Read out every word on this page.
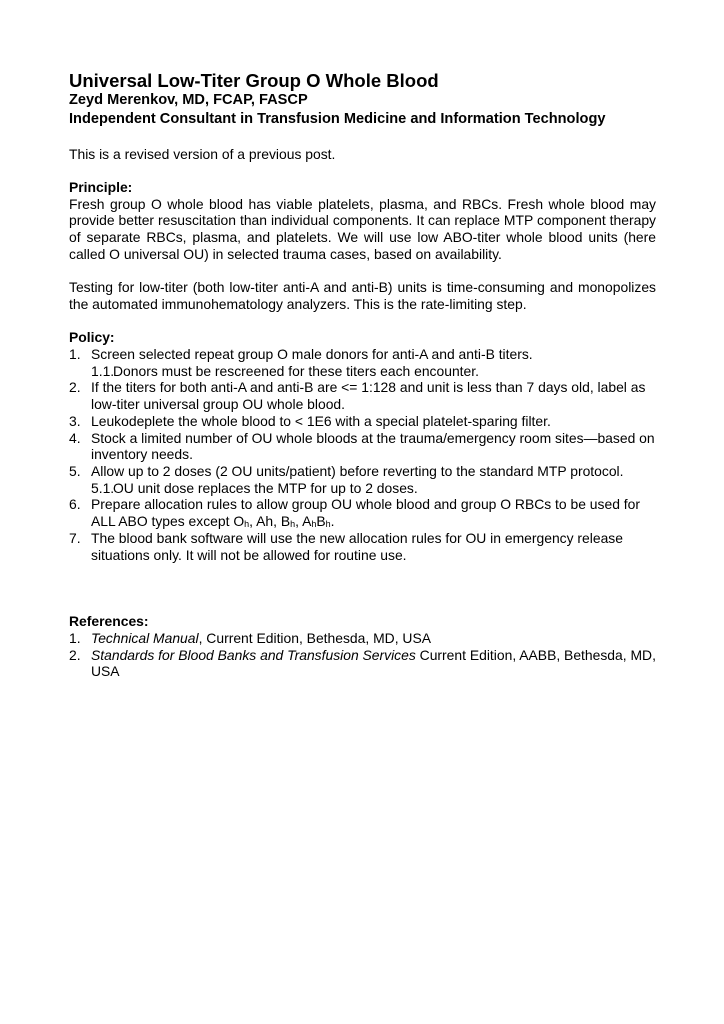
Universal Low-Titer Group O Whole Blood
Zeyd Merenkov, MD, FCAP, FASCP
Independent Consultant in Transfusion Medicine and Information Technology

This is a revised version of a previous post.

Principle:

Fresh group O whole blood has viable platelets, plasma, and RBCs. Fresh whole blood may provide better resuscitation than individual components. It can replace MTP component therapy of separate RBCs, plasma, and platelets. We will use low ABO-titer whole blood units (here called O universal OU) in selected trauma cases, based on availability.

Testing for low-titer (both low-titer anti-A and anti-B) units is time-consuming and monopolizes the automated immunohematology analyzers. This is the rate-limiting step.

Policy:
1. Screen selected repeat group O male donors for anti-A and anti-B titers.
1.1.
Donors must be rescreened for these titers each encounter.
2. If the titers for both anti-A and anti-B are <= 1:128 and unit is less than 7 days old, label as low-titer universal group OU whole blood.
3. Leukodeplete the whole blood to < 1E6 with a special platelet-sparing filter.
4. Stock a limited number of OU whole bloods at the trauma/emergency room sites—based on inventory needs.
5. Allow up to 2 doses (2 OU units/patient) before reverting to the standard MTP protocol.
5.1.
OU unit dose replaces the MTP for up to 2 doses.
6. Prepare allocation rules to allow group OU whole blood and group O RBCs to be used for ALL ABO types except $O_h$, Ah, $B_h$, $A_hB_h$.
7. The blood bank software will use the new allocation rules for OU in emergency release situations only. It will not be allowed for routine use.
References:
1. Technical Manual, Current Edition, Bethesda, MD, USA
2. Standards for Blood Banks and Transfusion Services Current Edition, AABB, Bethesda, MD, USA
